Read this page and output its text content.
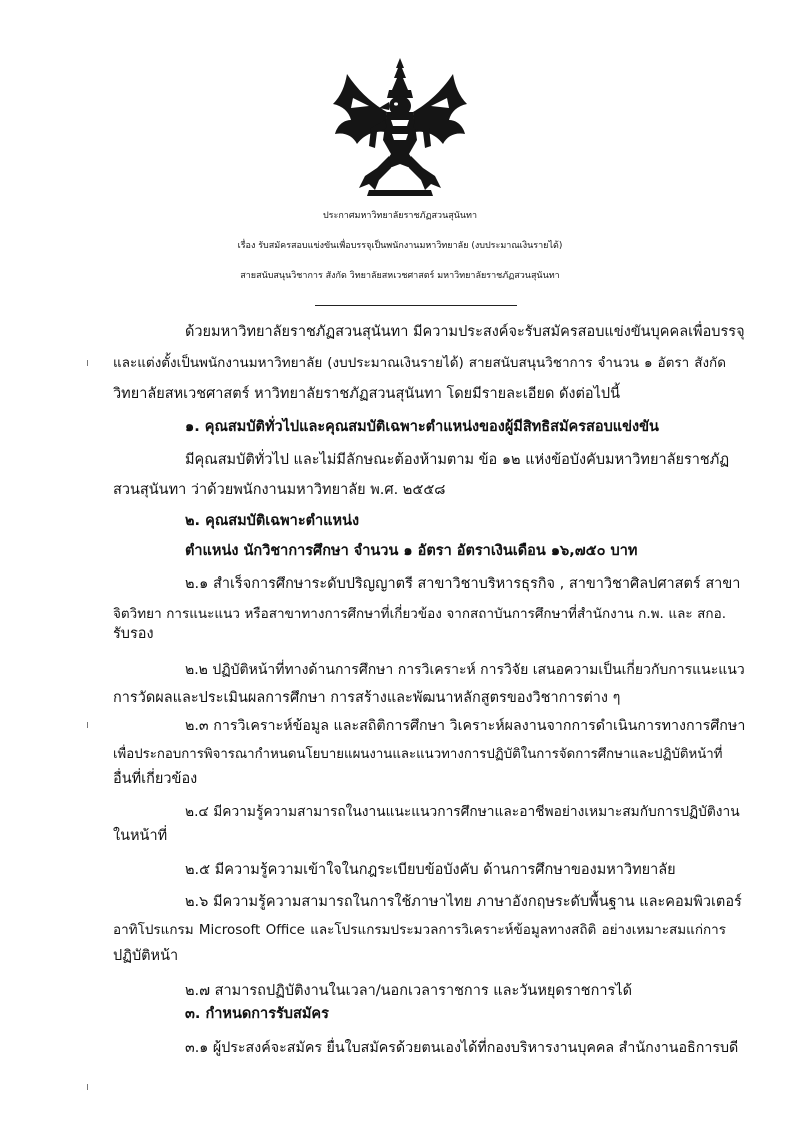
ประกาศมหาวิทยาลัยราชภัฏสวนสุนันทา
เรื่อง รับสมัครสอบแข่งขันเพื่อบรรจุเป็นพนักงานมหาวิทยาลัย (งบประมาณเงินรายได้)
สายสนับสนุนวิชาการ สังกัด วิทยาลัยสหเวชศาสตร์ มหาวิทยาลัยราชภัฏสวนสุนันทา
ด้วยมหาวิทยาลัยราชภัฏสวนสุนันทา มีความประสงค์จะรับสมัครสอบแข่งขันบุคคลเพื่อบรรจุ
และแต่งตั้งเป็นพนักงานมหาวิทยาลัย (งบประมาณเงินรายได้) สายสนับสนุนวิชาการ จำนวน ๑ อัตรา สังกัด
วิทยาลัยสหเวชศาสตร์ หาวิทยาลัยราชภัฏสวนสุนันทา โดยมีรายละเอียด ดังต่อไปนี้
๑. คุณสมบัติทั่วไปและคุณสมบัติเฉพาะตำแหน่งของผู้มีสิทธิสมัครสอบแข่งขัน
มีคุณสมบัติทั่วไป และไม่มีลักษณะต้องห้ามตาม ข้อ ๑๒ แห่งข้อบังคับมหาวิทยาลัยราชภัฏ
สวนสุนันทา ว่าด้วยพนักงานมหาวิทยาลัย พ.ศ. ๒๕๕๘
๒. คุณสมบัติเฉพาะตำแหน่ง
ตำแหน่ง นักวิชาการศึกษา จำนวน ๑ อัตรา อัตราเงินเดือน ๑๖,๗๕๐ บาท
๒.๑ สำเร็จการศึกษาระดับปริญญาตรี สาขาวิชาบริหารธุรกิจ , สาขาวิชาศิลปศาสตร์ สาขา
จิตวิทยา การแนะแนว หรือสาขาทางการศึกษาที่เกี่ยวข้อง จากสถาบันการศึกษาที่สำนักงาน ก.พ. และ สกอ.
รับรอง
๒.๒ ปฏิบัติหน้าที่ทางด้านการศึกษา การวิเคราะห์ การวิจัย เสนอความเป็นเกี่ยวกับการแนะแนว
การวัดผลและประเมินผลการศึกษา การสร้างและพัฒนาหลักสูตรของวิชาการต่าง ๆ
๒.๓ การวิเคราะห์ข้อมูล และสถิติการศึกษา วิเคราะห์ผลงานจากการดำเนินการทางการศึกษา
เพื่อประกอบการพิจารณากำหนดนโยบายแผนงานและแนวทางการปฏิบัติในการจัดการศึกษาและปฏิบัติหน้าที่
อื่นที่เกี่ยวข้อง
๒.๔ มีความรู้ความสามารถในงานแนะแนวการศึกษาและอาชีพอย่างเหมาะสมกับการปฏิบัติงาน
ในหน้าที่
๒.๕ มีความรู้ความเข้าใจในกฎระเบียบข้อบังคับ ด้านการศึกษาของมหาวิทยาลัย
๒.๖ มีความรู้ความสามารถในการใช้ภาษาไทย ภาษาอังกฤษระดับพื้นฐาน และคอมพิวเตอร์
อาทิโปรแกรม Microsoft Office และโปรแกรมประมวลการวิเคราะห์ข้อมูลทางสถิติ อย่างเหมาะสมแก่การ
ปฏิบัติหน้า
๒.๗ สามารถปฏิบัติงานในเวลา/นอกเวลาราชการ และวันหยุดราชการได้
๓. กำหนดการรับสมัคร
๓.๑ ผู้ประสงค์จะสมัคร ยื่นใบสมัครด้วยตนเองได้ที่กองบริหารงานบุคคล สำนักงานอธิการบดี
